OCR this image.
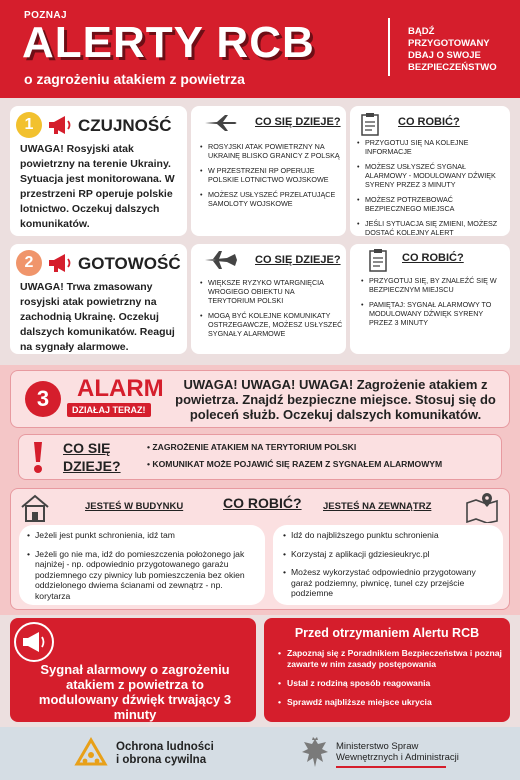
POZNAJ
ALERTY RCB
o zagrożeniu atakiem z powietrza
BĄDŹ PRZYGOTOWANY DBAJ O SWOJE BEZPIECZEŃSTWO
1	CZUJNOŚĆ
UWAGA! Rosyjski atak powietrzny na terenie Ukrainy. Sytuacja jest monitorowana. W przestrzeni RP operuje polskie lotnictwo. Oczekuj dalszych komunikatów.
CO SIĘ DZIEJE?
• ROSYJSKI ATAK POWIETRZNY NA UKRAINĘ BLISKO GRANICY Z POLSKĄ
• W PRZESTRZENI RP OPERUJE POLSKIE LOTNICTWO WOJSKOWE
• MOŻESZ USŁYSZEĆ PRZELATUJĄCE SAMOLOTY WOJSKOWE
CO ROBIĆ?
• PRZYGOTUJ SIĘ NA KOLEJNE INFORMACJE
• MOŻESZ USŁYSZEĆ SYGNAŁ ALARMOWY - MODULOWANY DŹWIĘK SYRENY PRZEZ 3 MINUTY
• MOŻESZ POTRZEBOWAĆ BEZPIECZNEGO MIEJSCA
• JEŚLI SYTUACJA SIĘ ZMIENI, MOŻESZ DOSTAĆ KOLEJNY ALERT
2	GOTOWOŚĆ
UWAGA! Trwa zmasowany rosyjski atak powietrzny na zachodnią Ukrainę. Oczekuj dalszych komunikatów. Reaguj na sygnały alarmowe.
CO SIĘ DZIEJE?
• WIĘKSZE RYZYKO WTARGNIĘCIA WROGIEGO OBIEKTU NA TERYTORIUM POLSKI
• MOGĄ BYĆ KOLEJNE KOMUNIKATY OSTRZEGAWCZE, MOŻESZ USŁYSZEĆ SYGNAŁY ALARMOWE
CO ROBIĆ?
• PRZYGOTUJ SIĘ, BY ZNALEŹĆ SIĘ W BEZPIECZNYM MIEJSCU
• PAMIĘTAJ: SYGNAŁ ALARMOWY TO MODULOWANY DŹWIĘK SYRENY PRZEZ 3 MINUTY
3	ALARM
DZIAŁAJ TERAZ!
UWAGA! UWAGA! UWAGA! Zagrożenie atakiem z powietrza. Znajdź bezpieczne miejsce. Stosuj się do poleceń służb. Oczekuj dalszych komunikatów.
CO SIĘ
DZIEJE?
• ZAGROŻENIE ATAKIEM NA TERYTORIUM POLSKI
• KOMUNIKAT MOŻE POJAWIĆ SIĘ RAZEM Z SYGNAŁEM ALARMOWYM
JESTEŚ W BUDYNKU	CO ROBIĆ? JESTEŚ NA ZEWNĄTRZ
• Jeżeli jest punkt schronienia, idź tam
• Jeżeli go nie ma, idź do pomieszczenia położonego jak najniżej - np. odpowiednio przygotowanego garażu podziemnego czy piwnicy lub pomieszczenia bez okien oddzielonego dwiema ścianami od zewnątrz - np. korytarza
• Idź do najbliższego punktu schronienia
• Korzystaj z aplikacji gdziesieukryc.pl
• Możesz wykorzystać odpowiednio przygotowany garaż podziemny, piwnicę, tunel czy przejście podziemne
Sygnał alarmowy o zagrożeniu atakiem z powietrza to modulowany dźwięk trwający 3 minuty
Przed otrzymaniem Alertu RCB
• Zapoznaj się z Poradnikiem Bezpieczeństwa i poznaj zawarte w nim zasady postępowania
• Ustal z rodziną sposób reagowania
• Sprawdź najbliższe miejsce ukrycia
Ochrona ludności
i obrona cywilna
Ministerstwo Spraw
Wewnętrznych i Administracji
